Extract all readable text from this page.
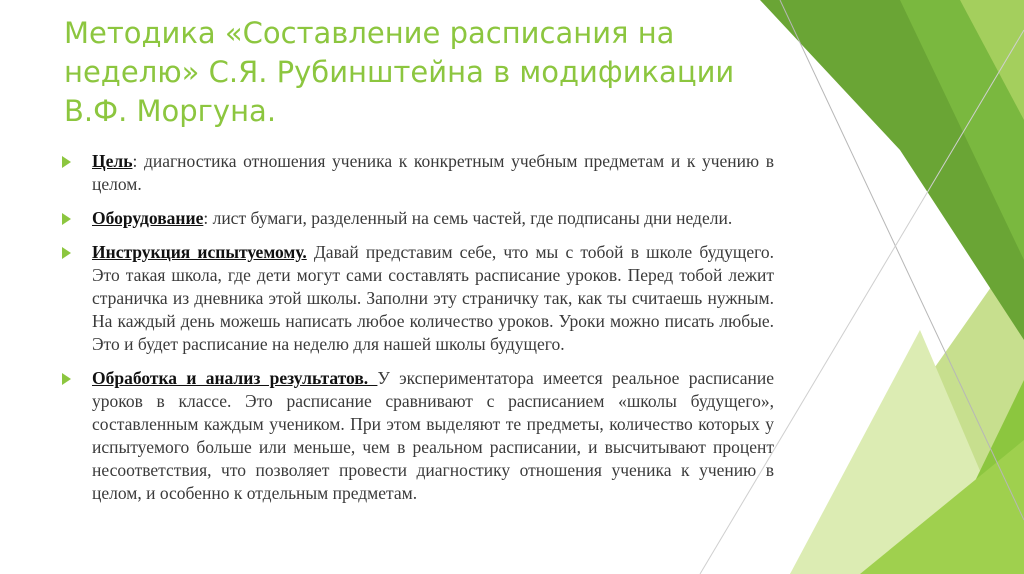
Методика «Составление расписания на неделю» С.Я. Рубинштейна в модификации В.Ф. Моргуна.
Цель: диагностика отношения ученика к конкретным учебным предметам и к учению в целом.
Оборудование: лист бумаги, разделенный на семь частей, где подписаны дни недели.
Инструкция испытуемому. Давай представим себе, что мы с тобой в школе будущего. Это такая школа, где дети могут сами составлять расписание уроков. Перед тобой лежит страничка из дневника этой школы. Заполни эту страничку так, как ты считаешь нужным. На каждый день можешь написать любое количество уроков. Уроки можно писать любые. Это и будет расписание на неделю для нашей школы будущего.
Обработка и анализ результатов. У экспериментатора имеется реальное расписание уроков в классе. Это расписание сравнивают с расписанием «школы будущего», составленным каждым учеником. При этом выделяют те предметы, количество которых у испытуемого больше или меньше, чем в реальном расписании, и высчитывают процент несоответствия, что позволяет провести диагностику отношения ученика к учению в целом, и особенно к отдельным предметам.
